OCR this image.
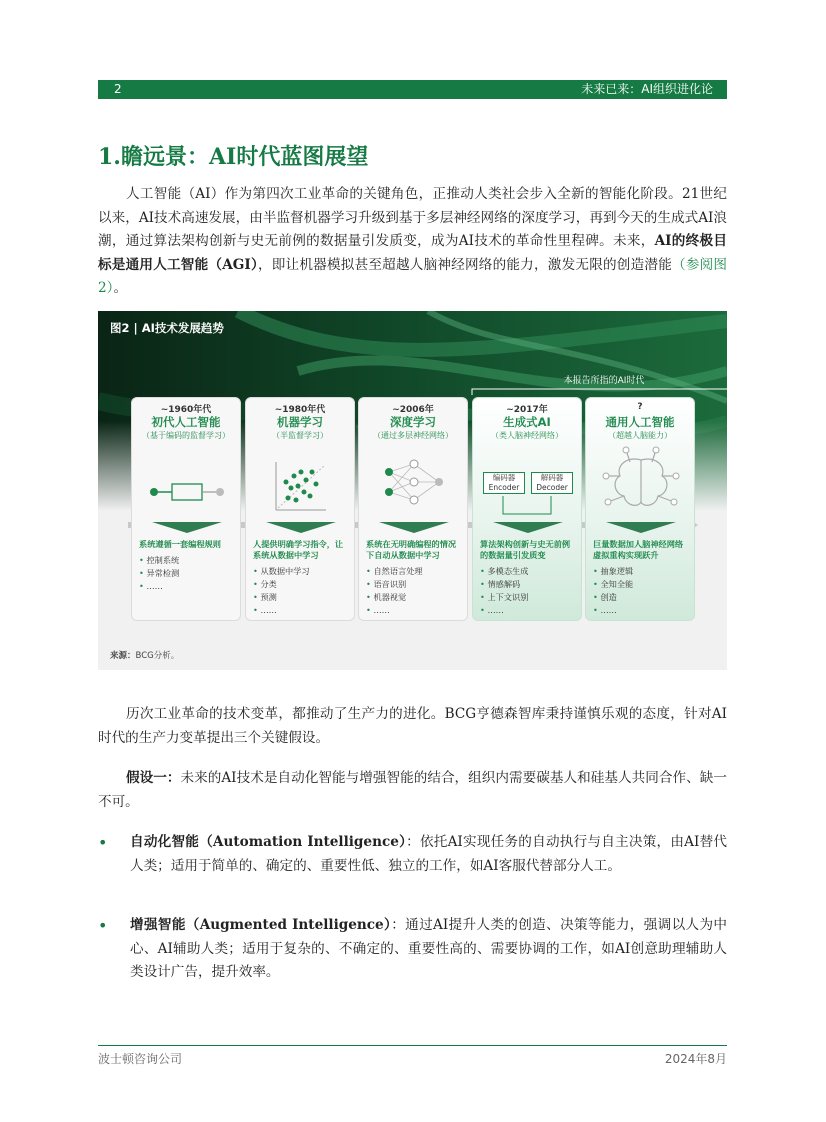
2	未来已来：AI组织进化论
1.瞻远景：AI时代蓝图展望
人工智能（AI）作为第四次工业革命的关键角色，正推动人类社会步入全新的智能化阶段。21世纪以来，AI技术高速发展，由半监督机器学习升级到基于多层神经网络的深度学习，再到今天的生成式AI浪潮，通过算法架构创新与史无前例的数据量引发质变，成为AI技术的革命性里程碑。未来，AI的终极目标是通用人工智能（AGI），即让机器模拟甚至超越人脑神经网络的能力，激发无限的创造潜能（参阅图2）。
图2 | AI技术发展趋势
本报告所指的AI时代
~1960年代
初代人工智能
（基于编码的监督学习）
系统遵循一套编程规则
• 控制系统
• 异常检测
• ……
~1980年代
机器学习
（半监督学习）
人提供明确学习指令，让系统从数据中学习
• 从数据中学习
• 分类
• 预测
• ……
~2006年
深度学习
（通过多层神经网络）
系统在无明确编程的情况下自动从数据中学习
• 自然语言处理
• 语音识别
• 机器视觉
• ……
~2017年
生成式AI
（类人脑神经网络）
编码器
Encoder
解码器
Decoder
算法架构创新与史无前例的数据量引发质变
• 多模态生成
• 情感解码
• 上下文识别
• ……
?
通用人工智能
（超越人脑能力）
巨量数据加人脑神经网络虚拟重构实现跃升
• 抽象逻辑
• 全知全能
• 创造
• ……
来源：BCG分析。
历次工业革命的技术变革，都推动了生产力的进化。BCG亨德森智库秉持谨慎乐观的态度，针对AI时代的生产力变革提出三个关键假设。
假设一：未来的AI技术是自动化智能与增强智能的结合，组织内需要碳基人和硅基人共同合作、缺一不可。
•	自动化智能（Automation Intelligence）：依托AI实现任务的自动执行与自主决策，由AI替代人类；适用于简单的、确定的、重要性低、独立的工作，如AI客服代替部分人工。
•	增强智能（Augmented Intelligence）：通过AI提升人类的创造、决策等能力，强调以人为中心、AI辅助人类；适用于复杂的、不确定的、重要性高的、需要协调的工作，如AI创意助理辅助人类设计广告，提升效率。
波士顿咨询公司	2024年8月
